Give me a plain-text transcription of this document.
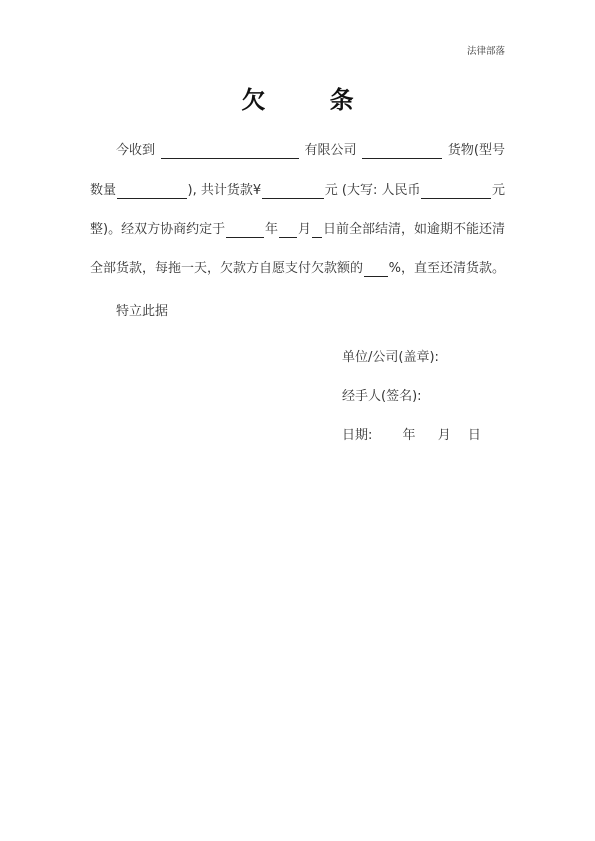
法律部落
欠 条
今收到	有限公司	货物(型号
数量	), 共计货款¥	元 (大写: 人民币	元
整)。经双方协商约定于	年 月 日前全部结清，如逾期不能还清
全部货款，每拖一天，欠款方自愿支付欠款额的 %，直至还清货款。
特立此据
单位/公司(盖章):
经手人(签名):
日期: 年 月 日
